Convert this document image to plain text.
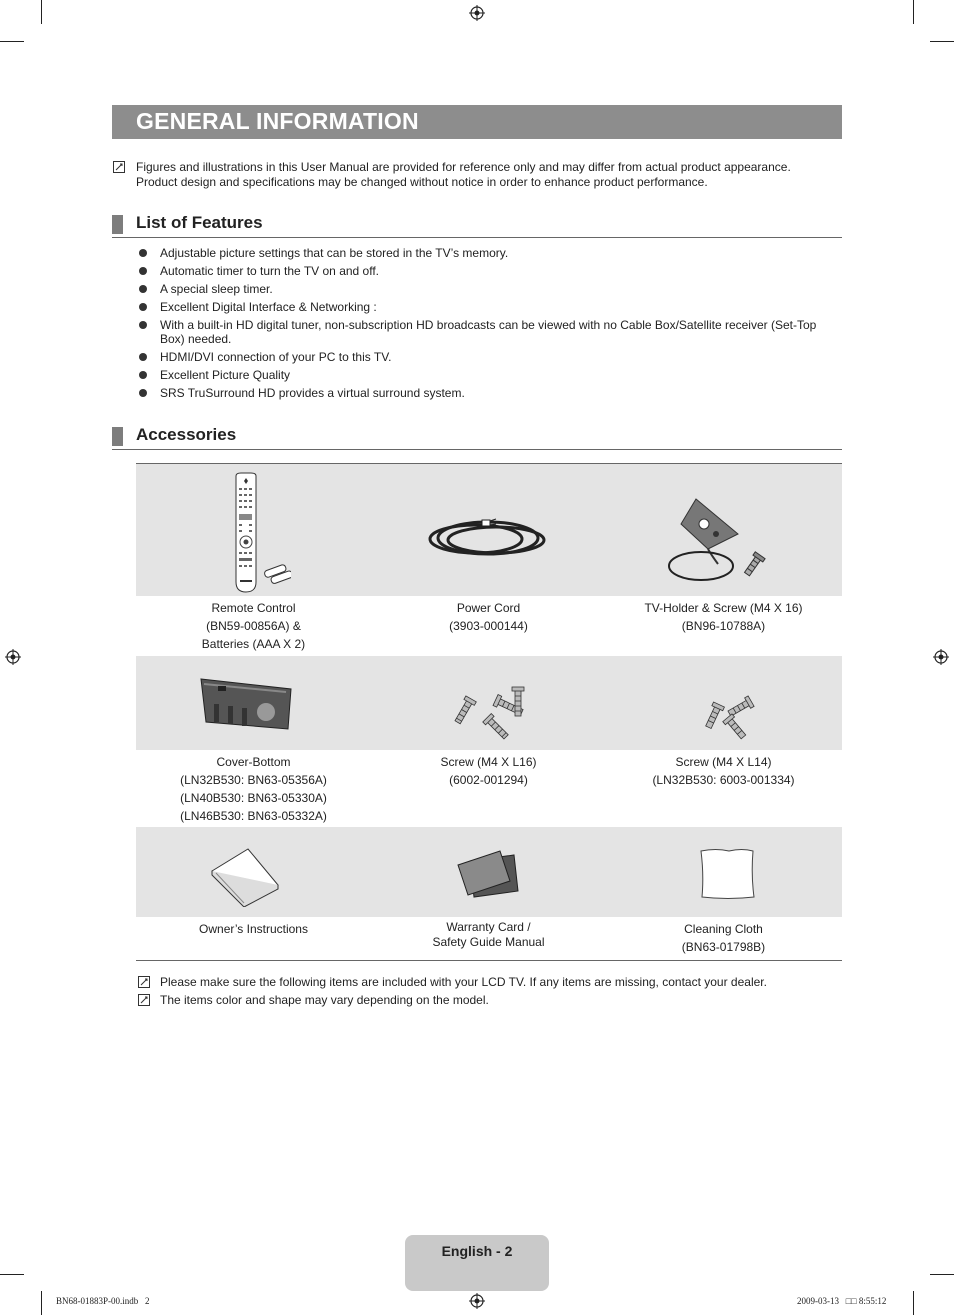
GENERAL INFORMATION
Figures and illustrations in this User Manual are provided for reference only and may differ from actual product appearance.
Product design and specifications may be changed without notice in order to enhance product performance.
List of Features
Adjustable picture settings that can be stored in the TV’s memory.
Automatic timer to turn the TV on and off.
A special sleep timer.
Excellent Digital Interface & Networking :
With a built-in HD digital tuner, non-subscription HD broadcasts can be viewed with no Cable Box/Satellite receiver (Set-Top Box) needed.
HDMI/DVI connection of your PC to this TV.
Excellent Picture Quality
SRS TruSurround HD provides a virtual surround system.
Accessories
Remote Control
(BN59-00856A) &
Batteries (AAA X 2)
Power Cord
(3903-000144)
TV-Holder & Screw (M4 X 16)
(BN96-10788A)
Cover-Bottom
(LN32B530: BN63-05356A)
(LN40B530: BN63-05330A)
(LN46B530: BN63-05332A)
Screw (M4 X L16)
(6002-001294)
Screw (M4 X L14)
(LN32B530: 6003-001334)
Owner’s Instructions	Warranty Card /
Safety Guide Manual
Cleaning Cloth
(BN63-01798B)
Please make sure the following items are included with your LCD TV. If any items are missing, contact your dealer.
The items color and shape may vary depending on the model.
English - 2
BN68-01883P-00.indb   2	2009-03-13   □□ 8:55:12
